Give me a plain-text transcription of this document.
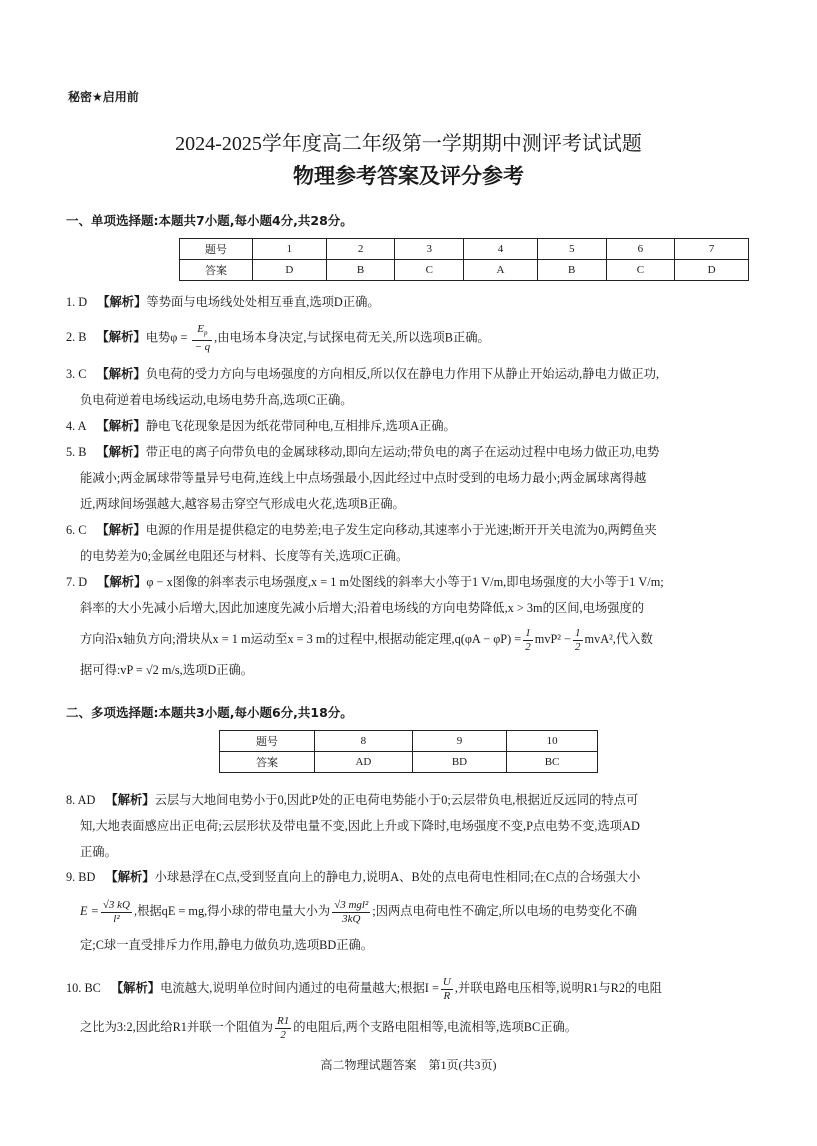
秘密★启用前
2024-2025学年度高二年级第一学期期中测评考试试题
物理参考答案及评分参考
一、单项选择题:本题共7小题,每小题4分,共28分。
题号	1	2	3	4	5	6	7
答案	D	B	C	A	B	C	D
1. D 【解析】等势面与电场线处处相互垂直,选项D正确。
2. B 【解析】电势$\varphi = \frac{E_p}{- q}$ ,由电场本身决定,与试探电荷无关,所以选项B正确。
3. C 【解析】负电荷的受力方向与电场强度的方向相反,所以仅在静电力作用下从静止开始运动,静电力做正功,
负电荷逆着电场线运动,电场电势升高,选项C正确。
4. A 【解析】静电飞花现象是因为纸花带同种电,互相排斥,选项A正确。
5. B 【解析】带正电的离子向带负电的金属球移动,即向左运动;带负电的离子在运动过程中电场力做正功,电势
能减小;两金属球带等量异号电荷,连线上中点场强最小,因此经过中点时受到的电场力最小;两金属球离得越
近,两球间场强越大,越容易击穿空气形成电火花,选项B正确。
6. C 【解析】电源的作用是提供稳定的电势差;电子发生定向移动,其速率小于光速;断开开关电流为0,两鳄鱼夹
的电势差为0;金属丝电阻还与材料、长度等有关,选项C正确。
7. D 【解析】φ − x图像的斜率表示电场强度,x = 1 m处图线的斜率大小等于1 V/m,即电场强度的大小等于1 V/m;
斜率的大小先减小后增大,因此加速度先减小后增大;沿着电场线的方向电势降低,x > 3m的区间,电场强度的
方向沿x轴负方向;滑块从x = 1 m运动至x = 3 m的过程中,根据动能定理$,q(\varphi A - \varphi P) = \frac{1}{2} mvP^2 - \frac{1}{2} mvA^2$,代入数
据可得:vP = √2 m/s,选项D正确。
二、多项选择题:本题共3小题,每小题6分,共18分。
题号	8	9	10
答案	AD	BD	BC
8. AD 【解析】云层与大地间电势小于0,因此P处的正电荷电势能小于0;云层带负电,根据近反远同的特点可
知,大地表面感应出正电荷;云层形状及带电量不变,因此上升或下降时,电场强度不变,P点电势不变,选项AD
正确。
9. BD 【解析】小球悬浮在C点,受到竖直向上的静电力,说明A、B处的点电荷电性相同;在C点的合场强大小
$E = \frac{√3 kQ}{\text{l²}}$ ,根据qE = mg,得小球的带电量大小为 $\frac{\text{√3 mgl²}}{3kQ}$ ;因两点电荷电性不确定,所以电场的电势变化不确
定;C球一直受排斥力作用,静电力做负功,选项BD正确。
10. BC 【解析】电流越大,说明单位时间内通过的电荷量越大;根据$I = \frac{U}{R}$ ,并联电路电压相等,说明R1与R2的电阻
之比为3:2,因此给R1并联一个阻值为 $\frac{R1}{2}$ 的电阻后,两个支路电阻相等,电流相等,选项BC正确。
高二物理试题答案　第1页(共3页)
